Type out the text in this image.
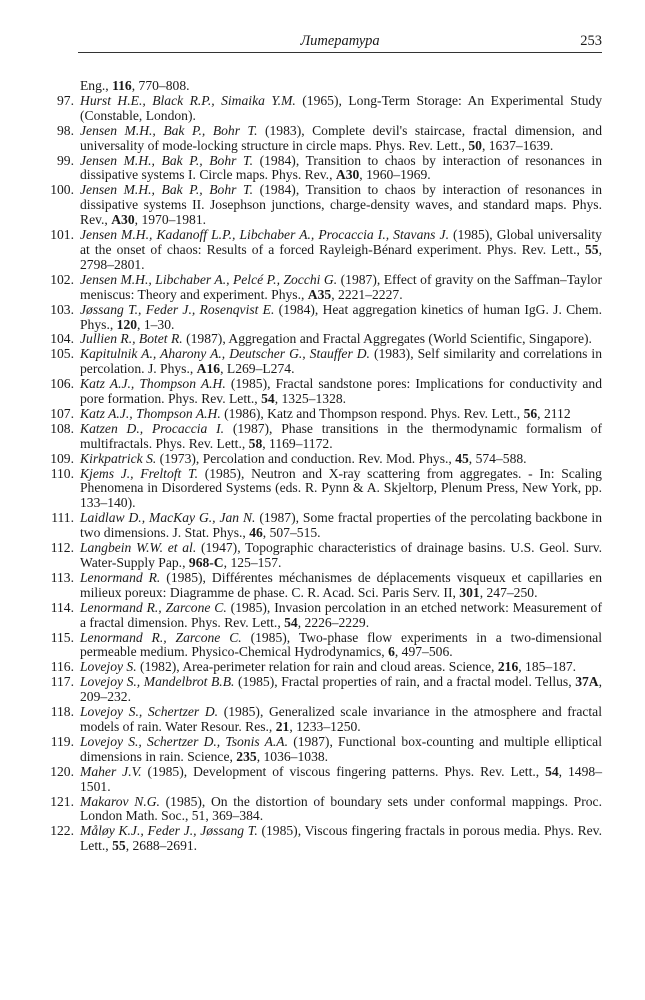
Литература	253
Eng., 116, 770–808.
97. Hurst H.E., Black R.P., Simaika Y.M. (1965), Long-Term Storage: An Experimental Study (Constable, London).
98. Jensen M.H., Bak P., Bohr T. (1983), Complete devil's staircase, fractal dimension, and universality of mode-locking structure in circle maps. Phys. Rev. Lett., 50, 1637–1639.
99. Jensen M.H., Bak P., Bohr T. (1984), Transition to chaos by interaction of resonances in dissipative systems I. Circle maps. Phys. Rev., A30, 1960–1969.
100. Jensen M.H., Bak P., Bohr T. (1984), Transition to chaos by interaction of resonances in dissipative systems II. Josephson junctions, charge-density waves, and standard maps. Phys. Rev., A30, 1970–1981.
101. Jensen M.H., Kadanoff L.P., Libchaber A., Procaccia I., Stavans J. (1985), Global universality at the onset of chaos: Results of a forced Rayleigh-Bénard experiment. Phys. Rev. Lett., 55, 2798–2801.
102. Jensen M.H., Libchaber A., Pelcé P., Zocchi G. (1987), Effect of gravity on the Saffman–Taylor meniscus: Theory and experiment. Phys., A35, 2221–2227.
103. Jøssang T., Feder J., Rosenqvist E. (1984), Heat aggregation kinetics of human IgG. J. Chem. Phys., 120, 1–30.
104. Jullien R., Botet R. (1987), Aggregation and Fractal Aggregates (World Scientific, Singapore).
105. Kapitulnik A., Aharony A., Deutscher G., Stauffer D. (1983), Self similarity and correlations in percolation. J. Phys., A16, L269–L274.
106. Katz A.J., Thompson A.H. (1985), Fractal sandstone pores: Implications for conductivity and pore formation. Phys. Rev. Lett., 54, 1325–1328.
107. Katz A.J., Thompson A.H. (1986), Katz and Thompson respond. Phys. Rev. Lett., 56, 2112
108. Katzen D., Procaccia I. (1987), Phase transitions in the thermodynamic formalism of multifractals. Phys. Rev. Lett., 58, 1169–1172.
109. Kirkpatrick S. (1973), Percolation and conduction. Rev. Mod. Phys., 45, 574–588.
110. Kjems J., Freltoft T. (1985), Neutron and X-ray scattering from aggregates. - In: Scaling Phenomena in Disordered Systems (eds. R. Pynn & A. Skjeltorp, Plenum Press, New York, pp. 133–140).
111. Laidlaw D., MacKay G., Jan N. (1987), Some fractal properties of the percolating backbone in two dimensions. J. Stat. Phys., 46, 507–515.
112. Langbein W.W. et al. (1947), Topographic characteristics of drainage basins. U.S. Geol. Surv. Water-Supply Pap., 968-C, 125–157.
113. Lenormand R. (1985), Différentes méchanismes de déplacements visqueux et capillaries en milieux poreux: Diagramme de phase. C. R. Acad. Sci. Paris Serv. II, 301, 247–250.
114. Lenormand R., Zarcone C. (1985), Invasion percolation in an etched network: Measurement of a fractal dimension. Phys. Rev. Lett., 54, 2226–2229.
115. Lenormand R., Zarcone C. (1985), Two-phase flow experiments in a two-dimensional permeable medium. Physico-Chemical Hydrodynamics, 6, 497–506.
116. Lovejoy S. (1982), Area-perimeter relation for rain and cloud areas. Science, 216, 185–187.
117. Lovejoy S., Mandelbrot B.B. (1985), Fractal properties of rain, and a fractal model. Tellus, 37A, 209–232.
118. Lovejoy S., Schertzer D. (1985), Generalized scale invariance in the atmosphere and fractal models of rain. Water Resour. Res., 21, 1233–1250.
119. Lovejoy S., Schertzer D., Tsonis A.A. (1987), Functional box-counting and multiple elliptical dimensions in rain. Science, 235, 1036–1038.
120. Maher J.V. (1985), Development of viscous fingering patterns. Phys. Rev. Lett., 54, 1498–1501.
121. Makarov N.G. (1985), On the distortion of boundary sets under conformal mappings. Proc. London Math. Soc., 51, 369–384.
122. Måløy K.J., Feder J., Jøssang T. (1985), Viscous fingering fractals in porous media. Phys. Rev. Lett., 55, 2688–2691.
